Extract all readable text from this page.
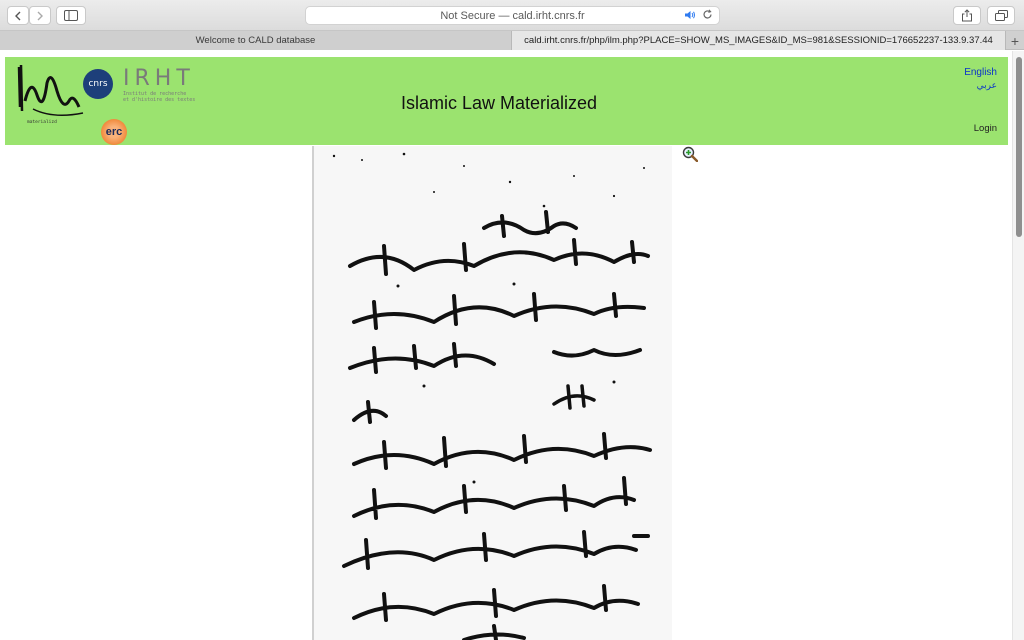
Not Secure — cald.irht.cnrs.fr
Welcome to CALD database	cald.irht.cnrs.fr/php/ilm.php?PLACE=SHOW_MS_IMAGES&ID_MS=981&SESSIONID=176652237-133.9.37.44	+
materializd
cnrs IRHT
Institut de recherche
et d'histoire des textes
erc
Islamic Law Materialized
English
عربي
Login
